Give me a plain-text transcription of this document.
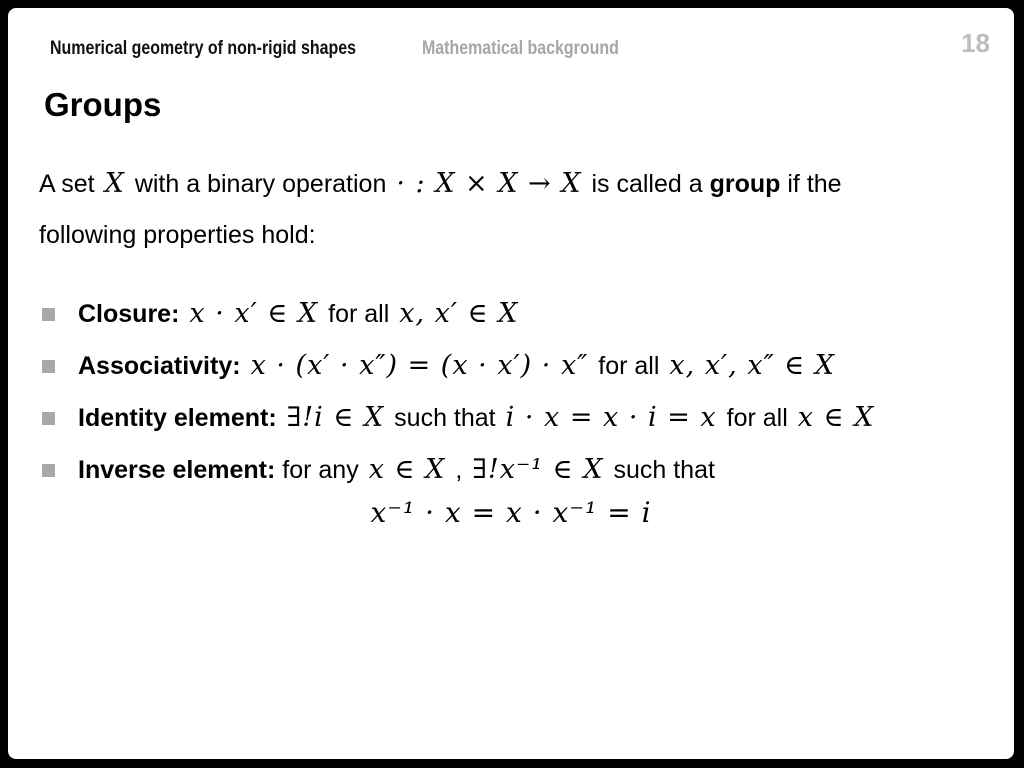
Numerical geometry of non-rigid shapes	Mathematical background	18
Groups
A set X with a binary operation · : X × X → X is called a group if the
following properties hold:
Closure: x · x′ ∈ X for all x, x′ ∈ X
Associativity: x · (x′ · x″) = (x · x′) · x″ for all x, x′, x″ ∈ X
Identity element: ∃!i ∈ X such that i · x = x · i = x for all x ∈ X
Inverse element: for any x ∈ X , ∃!x⁻¹ ∈ X such that
x⁻¹ · x = x · x⁻¹ = i
